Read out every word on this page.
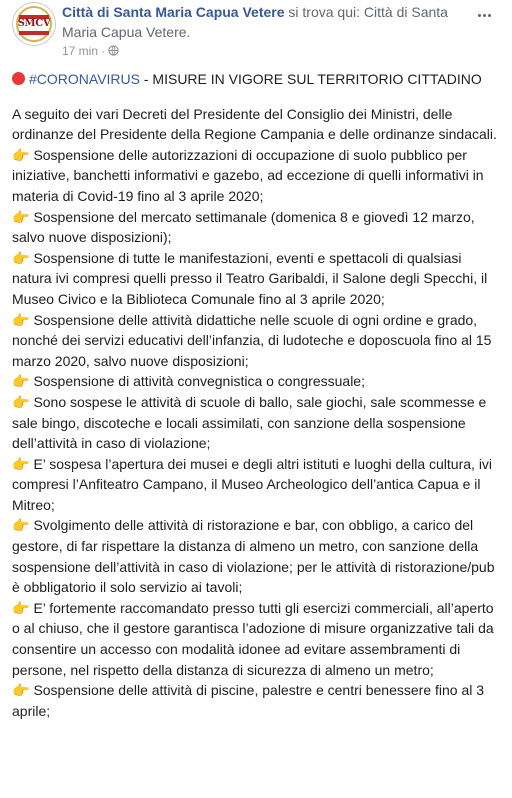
SMCV
Città di Santa Maria Capua Vetere si trova qui: Città di Santa Maria Capua Vetere.
17 min ·

#CORONAVIRUS - MISURE IN VIGORE SUL TERRITORIO CITTADINO

A seguito dei vari Decreti del Presidente del Consiglio dei Ministri, delle ordinanze del Presidente della Regione Campania e delle ordinanze sindacali.

👉 Sospensione delle autorizzazioni di occupazione di suolo pubblico per iniziative, banchetti informativi e gazebo, ad eccezione di quelli informativi in materia di Covid-19 fino al 3 aprile 2020;

👉 Sospensione del mercato settimanale (domenica 8 e giovedì 12 marzo, salvo nuove disposizioni);

👉 Sospensione di tutte le manifestazioni, eventi e spettacoli di qualsiasi natura ivi compresi quelli presso il Teatro Garibaldi, il Salone degli Specchi, il Museo Civico e la Biblioteca Comunale fino al 3 aprile 2020;

👉 Sospensione delle attività didattiche nelle scuole di ogni ordine e grado, nonché dei servizi educativi dell’infanzia, di ludoteche e doposcuola fino al 15 marzo 2020, salvo nuove disposizioni;

👉 Sospensione di attività convegnistica o congressuale;

👉 Sono sospese le attività di scuole di ballo, sale giochi, sale scommesse e sale bingo, discoteche e locali assimilati, con sanzione della sospensione dell’attività in caso di violazione;

👉 E’ sospesa l’apertura dei musei e degli altri istituti e luoghi della cultura, ivi compresi l’Anfiteatro Campano, il Museo Archeologico dell’antica Capua e il Mitreo;

👉 Svolgimento delle attività di ristorazione e bar, con obbligo, a carico del gestore, di far rispettare la distanza di almeno un metro, con sanzione della sospensione dell’attività in caso di violazione; per le attività di ristorazione/pub è obbligatorio il solo servizio ai tavoli;

👉 E’ fortemente raccomandato presso tutti gli esercizi commerciali, all’aperto o al chiuso, che il gestore garantisca l’adozione di misure organizzative tali da consentire un accesso con modalità idonee ad evitare assembramenti di persone, nel rispetto della distanza di sicurezza di almeno un metro;

👉 Sospensione delle attività di piscine, palestre e centri benessere fino al 3 aprile;
